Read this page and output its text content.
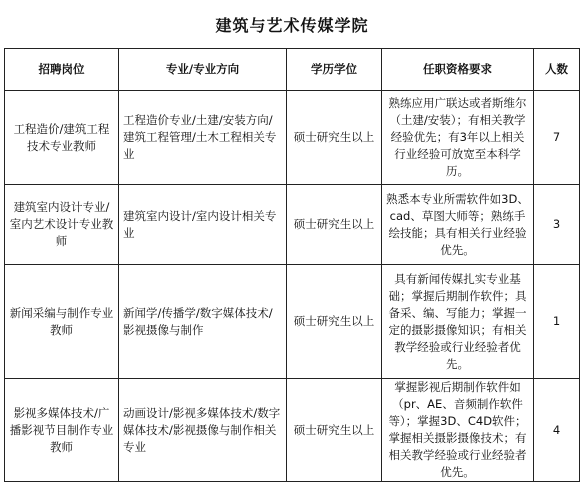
建筑与艺术传媒学院
招聘岗位	专业/专业方向	学历学位	任职资格要求	人数
工程造价/建筑工程技术专业教师	工程造价专业/土建/安装方向/建筑工程管理/土木工程相关专业	硕士研究生以上	熟练应用广联达或者斯维尔（土建/安装）；有相关教学经验优先；有3年以上相关行业经验可放宽至本科学历。	7
建筑室内设计专业/室内艺术设计专业教师	建筑室内设计/室内设计相关专业	硕士研究生以上	熟悉本专业所需软件如3D、cad、草图大师等；熟练手绘技能；具有相关行业经验优先。	3
新闻采编与制作专业教师	新闻学/传播学/数字媒体技术/影视摄像与制作	硕士研究生以上	具有新闻传媒扎实专业基础；掌握后期制作软件；具备采、编、写能力；掌握一定的摄影摄像知识；有相关教学经验或行业经验者优先。	1
影视多媒体技术/广播影视节目制作专业教师	动画设计/影视多媒体技术/数字媒体技术/影视摄像与制作相关专业	硕士研究生以上	掌握影视后期制作软件如（pr、AE、音频制作软件等）；掌握3D、C4D软件；掌握相关摄影摄像技术；有相关教学经验或行业经验者优先。	4
